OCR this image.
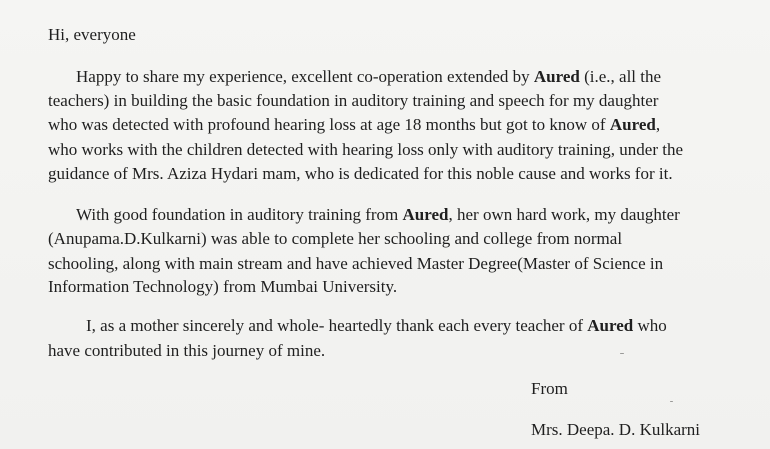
Hi, everyone
Happy to share my experience, excellent co-operation extended by Aured (i.e., all the
teachers) in building the basic foundation in auditory training and speech for my daughter
who was detected with profound hearing loss at age 18 months but got to know of Aured,
who works with the children detected with hearing loss only with auditory training, under the
guidance of Mrs. Aziza Hydari mam, who is dedicated for this noble cause and works for it.
With good foundation in auditory training from Aured, her own hard work, my daughter
(Anupama.D.Kulkarni) was able to complete her schooling and college from normal
schooling, along with main stream and have achieved Master Degree(Master of Science in
Information Technology) from Mumbai University.
I, as a mother sincerely and whole- heartedly thank each every teacher of Aured who
have contributed in this journey of mine.
From
Mrs. Deepa. D. Kulkarni
